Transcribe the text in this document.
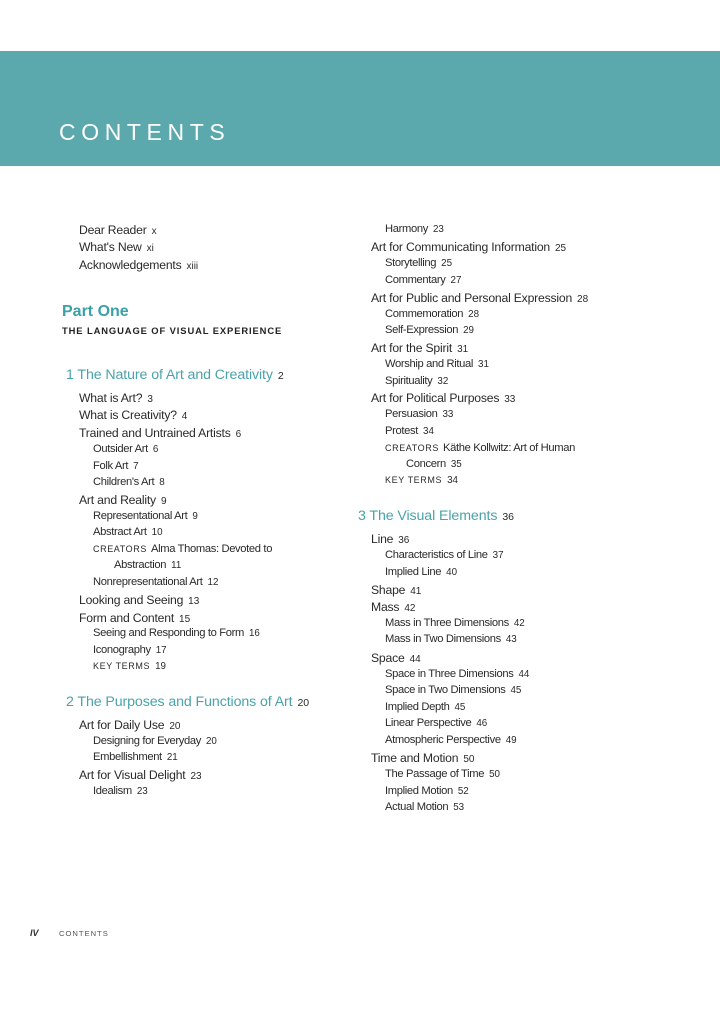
CONTENTS
Dear Reader x
What's New xi
Acknowledgements xiii
Part One
THE LANGUAGE OF VISUAL EXPERIENCE
1 The Nature of Art and Creativity 2
What is Art? 3
What is Creativity? 4
Trained and Untrained Artists 6
Outsider Art 6
Folk Art 7
Children's Art 8
Art and Reality 9
Representational Art 9
Abstract Art 10
CREATORS Alma Thomas: Devoted to
Abstraction 11
Nonrepresentational Art 12
Looking and Seeing 13
Form and Content 15
Seeing and Responding to Form 16
Iconography 17
KEY TERMS 19
2 The Purposes and Functions of Art 20
Art for Daily Use 20
Designing for Everyday 20
Embellishment 21
Art for Visual Delight 23
Idealism 23
Harmony 23
Art for Communicating Information 25
Storytelling 25
Commentary 27
Art for Public and Personal Expression 28
Commemoration 28
Self-Expression 29
Art for the Spirit 31
Worship and Ritual 31
Spirituality 32
Art for Political Purposes 33
Persuasion 33
Protest 34
CREATORS Käthe Kollwitz: Art of Human
Concern 35
KEY TERMS 34
3 The Visual Elements 36
Line 36
Characteristics of Line 37
Implied Line 40
Shape 41
Mass 42
Mass in Three Dimensions 42
Mass in Two Dimensions 43
Space 44
Space in Three Dimensions 44
Space in Two Dimensions 45
Implied Depth 45
Linear Perspective 46
Atmospheric Perspective 49
Time and Motion 50
The Passage of Time 50
Implied Motion 52
Actual Motion 53
IV	CONTENTS
